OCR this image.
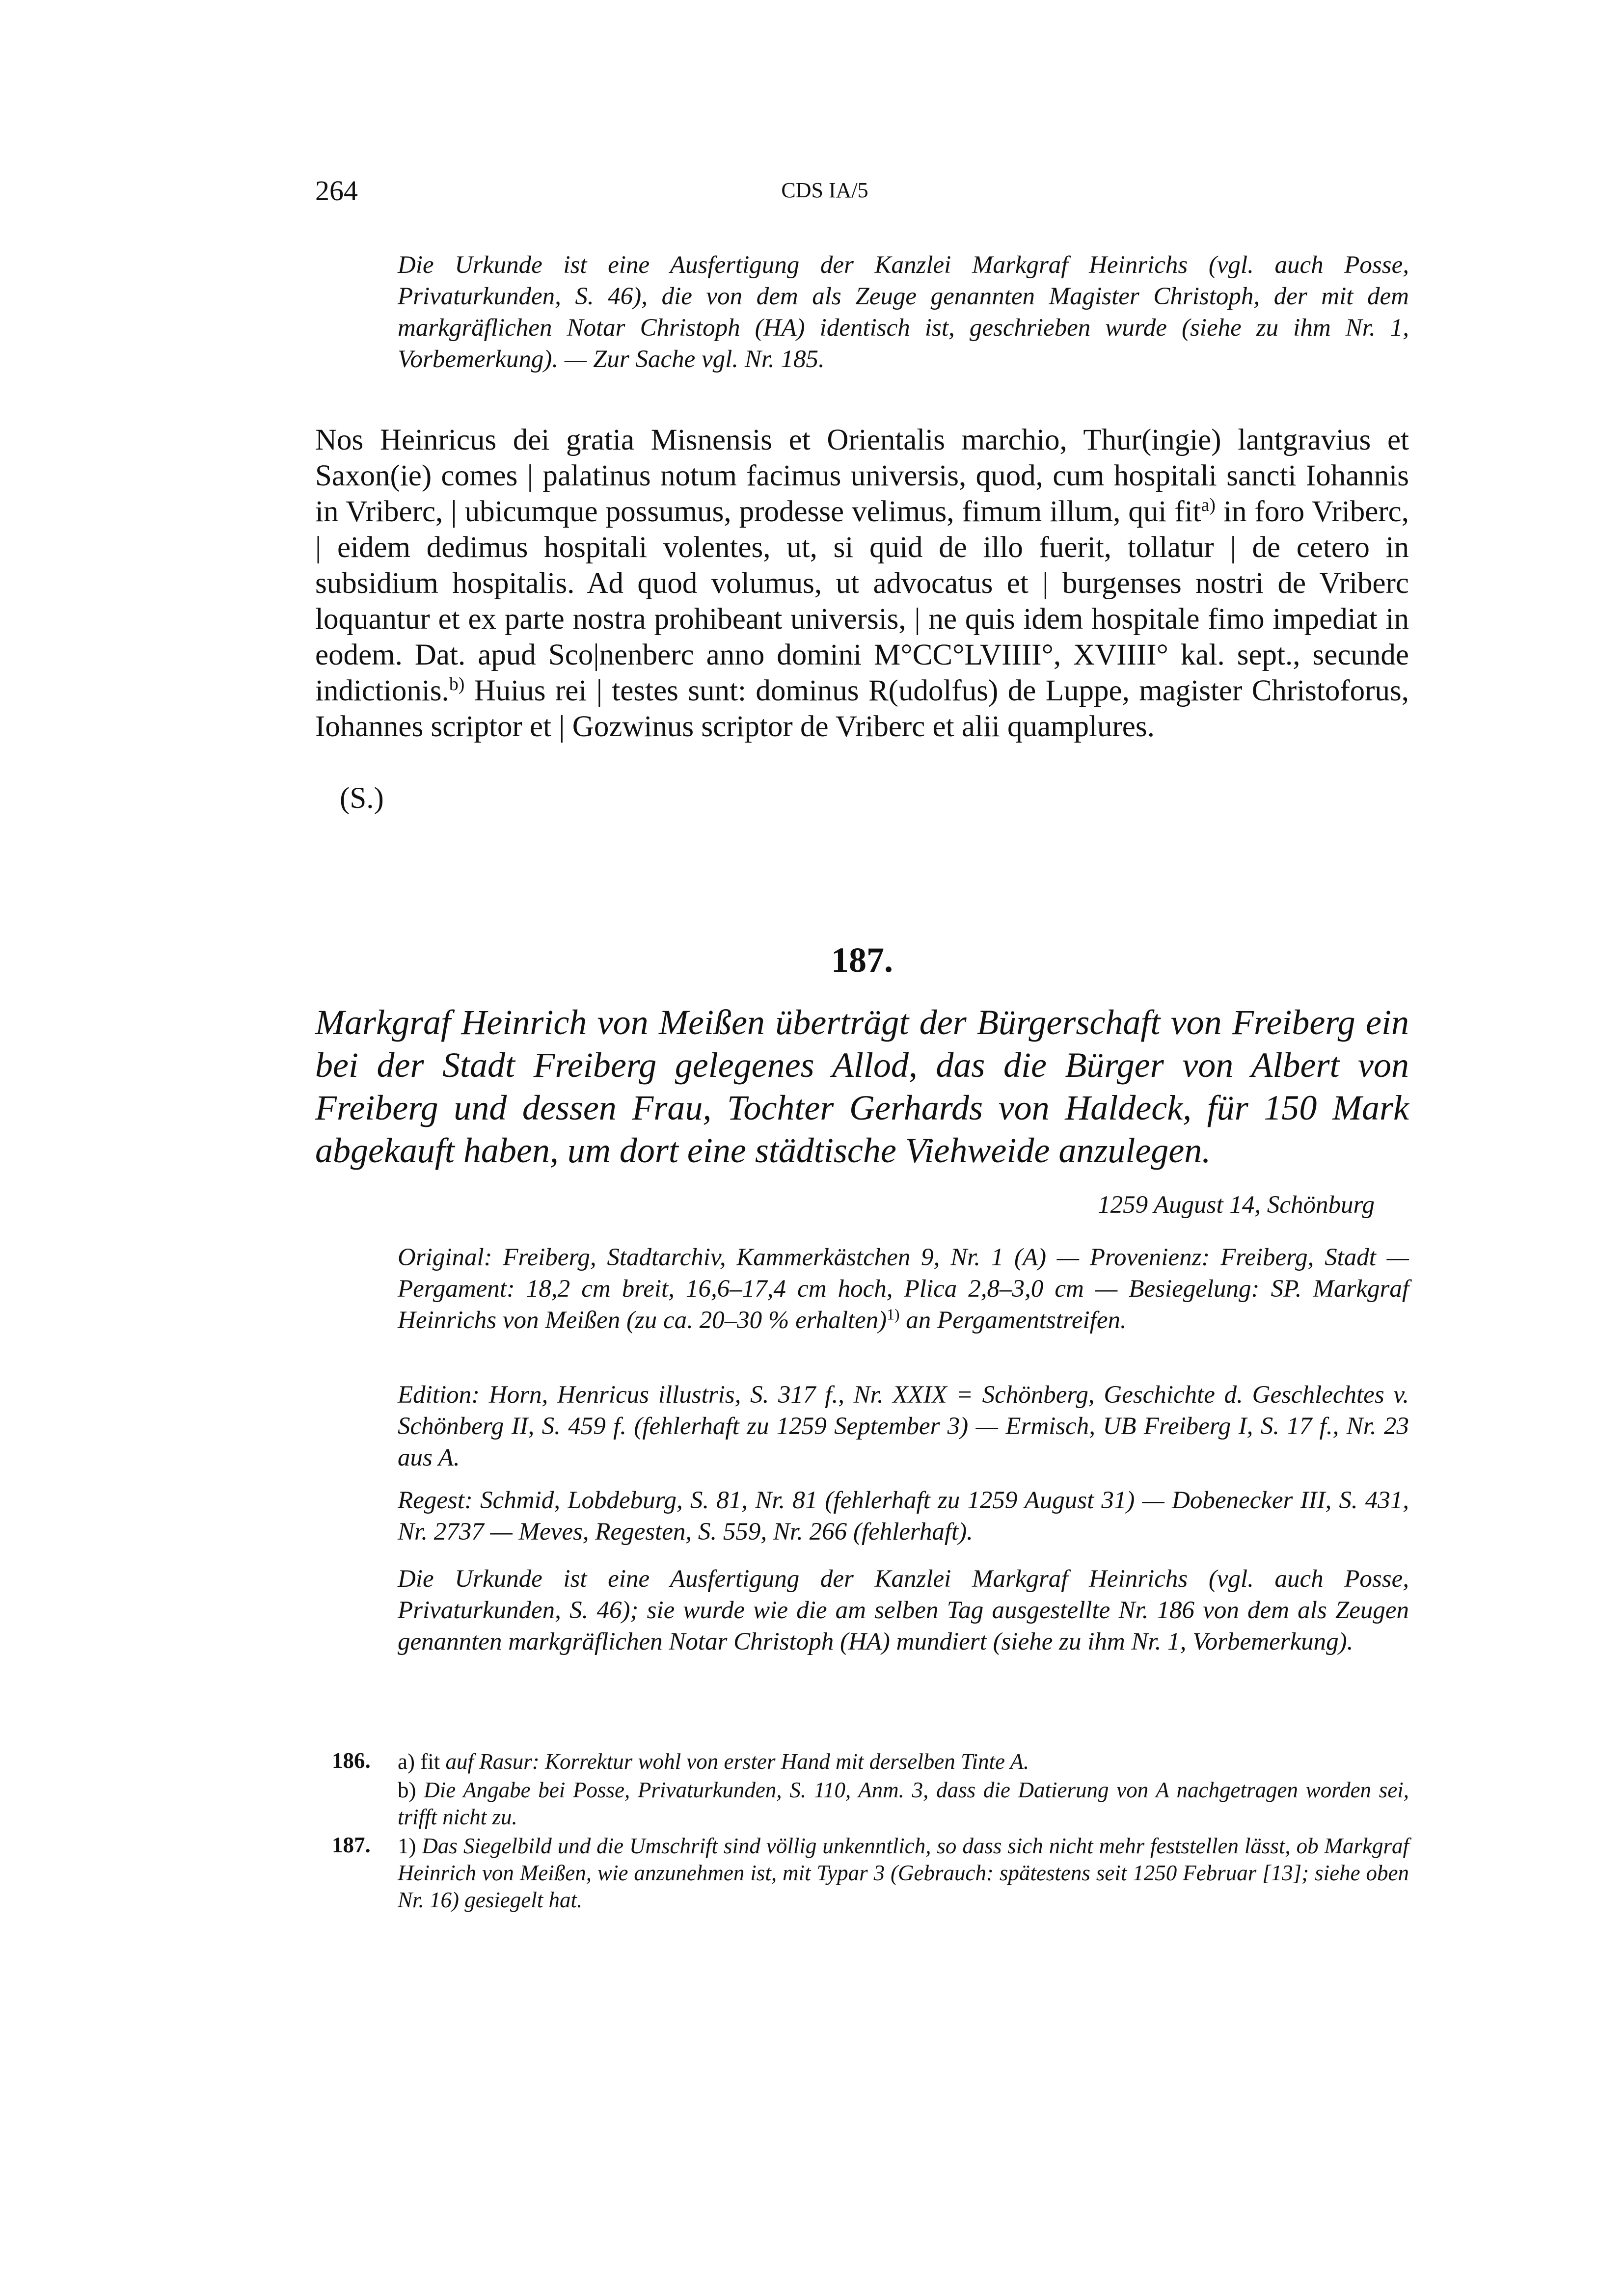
264	CDS IA/5
Die Urkunde ist eine Ausfertigung der Kanzlei Markgraf Heinrichs (vgl. auch Posse, Privaturkunden, S. 46), die von dem als Zeuge genannten Magister Christoph, der mit dem markgräflichen Notar Christoph (HA) identisch ist, geschrieben wurde (siehe zu ihm Nr. 1, Vorbemerkung). — Zur Sache vgl. Nr. 185.
Nos Heinricus dei gratia Misnensis et Orientalis marchio, Thur(ingie) lantgravius et Saxon(ie) comes | palatinus notum facimus universis, quod, cum hospitali sancti Iohannis in Vriberc, | ubicumque possumus, prodesse velimus, fimum illum, qui fit$^{a)}$ in foro Vriberc, | eidem dedimus hospitali volentes, ut, si quid de illo fuerit, tollatur | de cetero in subsidium hospitalis. Ad quod volumus, ut advocatus et | burgenses nostri de Vriberc loquantur et ex parte nostra prohibeant universis, | ne quis idem hospitale fimo impediat in eodem. Dat. apud Sco|nenberc anno domini M°CC°LVIIII°, XVIIII° kal. sept., secunde indictionis.$^{b)}$ Huius rei | testes sunt: dominus R(udolfus) de Luppe, magister Christoforus, Iohannes scriptor et | Gozwinus scriptor de Vriberc et alii quamplures.
(S.)
187.
Markgraf Heinrich von Meißen überträgt der Bürgerschaft von Freiberg ein bei der Stadt Freiberg gelegenes Allod, das die Bürger von Albert von Freiberg und dessen Frau, Tochter Gerhards von Haldeck, für 150 Mark abgekauft haben, um dort eine städtische Viehweide anzulegen.
1259 August 14, Schönburg
Original: Freiberg, Stadtarchiv, Kammerkästchen 9, Nr. 1 (A) — Provenienz: Freiberg, Stadt — Pergament: 18,2 cm breit, 16,6–17,4 cm hoch, Plica 2,8–3,0 cm — Besiegelung: SP. Markgraf Heinrichs von Meißen (zu ca. 20–30 % erhalten)$^{1)}$ an Pergamentstreifen.
Edition: Horn, Henricus illustris, S. 317 f., Nr. XXIX = Schönberg, Geschichte d. Geschlechtes v. Schönberg II, S. 459 f. (fehlerhaft zu 1259 September 3) — Ermisch, UB Freiberg I, S. 17 f., Nr. 23 aus A.
Regest: Schmid, Lobdeburg, S. 81, Nr. 81 (fehlerhaft zu 1259 August 31) — Dobenecker III, S. 431, Nr. 2737 — Meves, Regesten, S. 559, Nr. 266 (fehlerhaft).
Die Urkunde ist eine Ausfertigung der Kanzlei Markgraf Heinrichs (vgl. auch Posse, Privaturkunden, S. 46); sie wurde wie die am selben Tag ausgestellte Nr. 186 von dem als Zeugen genannten markgräflichen Notar Christoph (HA) mundiert (siehe zu ihm Nr. 1, Vorbemerkung).
186. a) fit auf Rasur: Korrektur wohl von erster Hand mit derselben Tinte A.
b) Die Angabe bei Posse, Privaturkunden, S. 110, Anm. 3, dass die Datierung von A nachgetragen worden sei, trifft nicht zu.
187. 1) Das Siegelbild und die Umschrift sind völlig unkenntlich, so dass sich nicht mehr feststellen lässt, ob Markgraf Heinrich von Meißen, wie anzunehmen ist, mit Typar 3 (Gebrauch: spätestens seit 1250 Februar [13]; siehe oben Nr. 16) gesiegelt hat.
